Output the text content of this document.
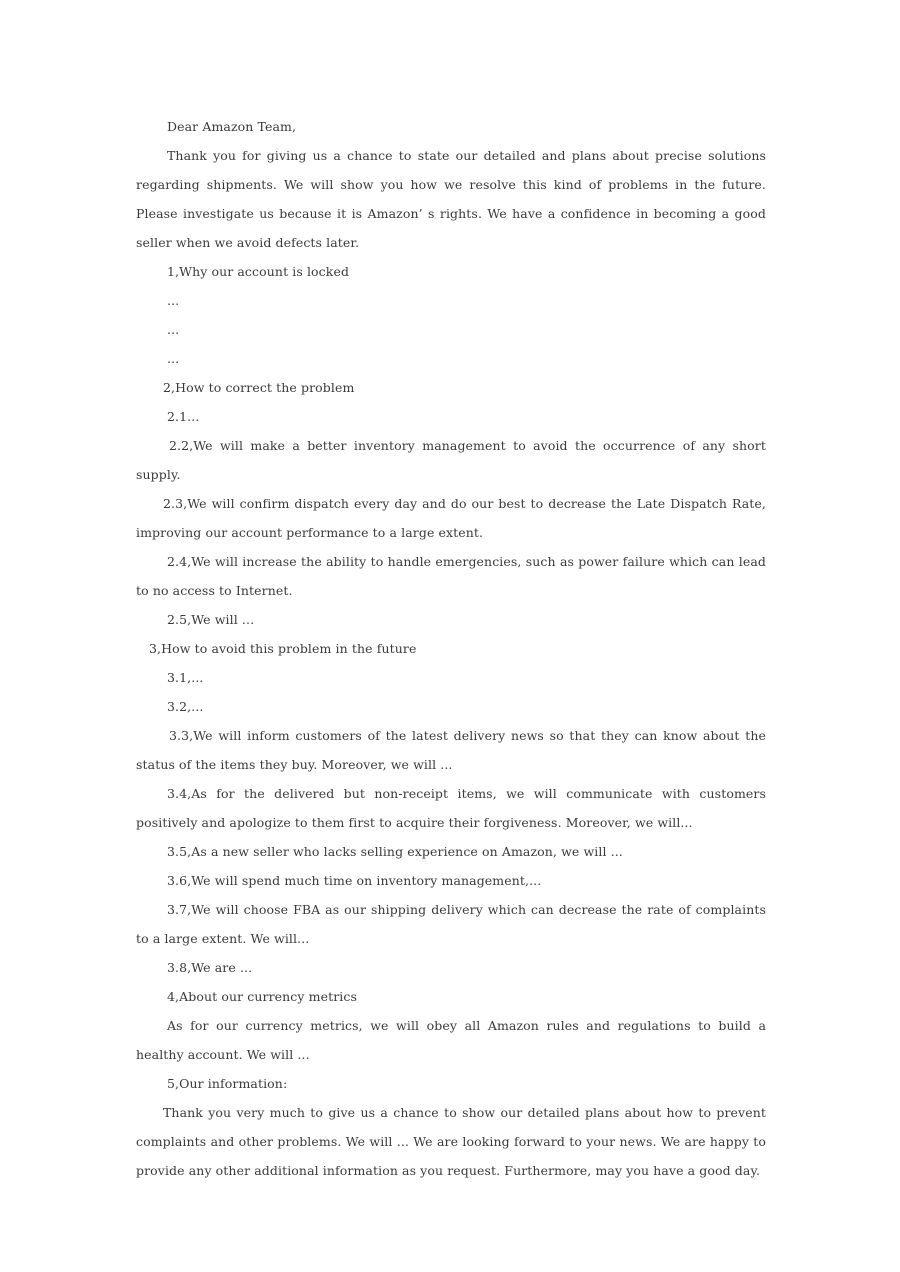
Dear Amazon Team,

Thank you for giving us a chance to state our detailed and plans about precise solutions regarding shipments. We will show you how we resolve this kind of problems in the future. Please investigate us because it is Amazon’ s rights. We have a confidence in becoming a good seller when we avoid defects later.

1,Why our account is locked

...

...

...

2,How to correct the problem

2.1...

2.2,We will make a better inventory management to avoid the occurrence of any short supply.

2.3,We will confirm dispatch every day and do our best to decrease the Late Dispatch Rate, improving our account performance to a large extent.

2.4,We will increase the ability to handle emergencies, such as power failure which can lead to no access to Internet.

2.5,We will ...

3,How to avoid this problem in the future

3.1,...

3.2,...

3.3,We will inform customers of the latest delivery news so that they can know about the status of the items they buy. Moreover, we will ...

3.4,As for the delivered but non-receipt items, we will communicate with customers positively and apologize to them first to acquire their forgiveness. Moreover, we will...

3.5,As a new seller who lacks selling experience on Amazon, we will ...

3.6,We will spend much time on inventory management,...

3.7,We will choose FBA as our shipping delivery which can decrease the rate of complaints to a large extent. We will...

3.8,We are ...

4,About our currency metrics

As for our currency metrics, we will obey all Amazon rules and regulations to build a healthy account. We will ...

5,Our information:

Thank you very much to give us a chance to show our detailed plans about how to prevent complaints and other problems. We will ... We are looking forward to your news. We are happy to provide any other additional information as you request. Furthermore, may you have a good day.
